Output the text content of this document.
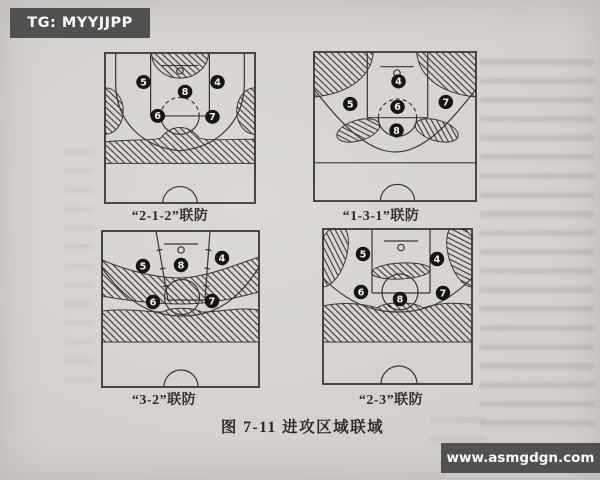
5	4
8
6	7
“2-1-2”联防
4
5	6	7
8
“1-3-1”联防
5	8
4
6	7
“3-2”联防
5	4
6	7
8
“2-3”联防
图 7-11 进攻区域联域
TG: MYYJJPP
www.asmgdgn.com
